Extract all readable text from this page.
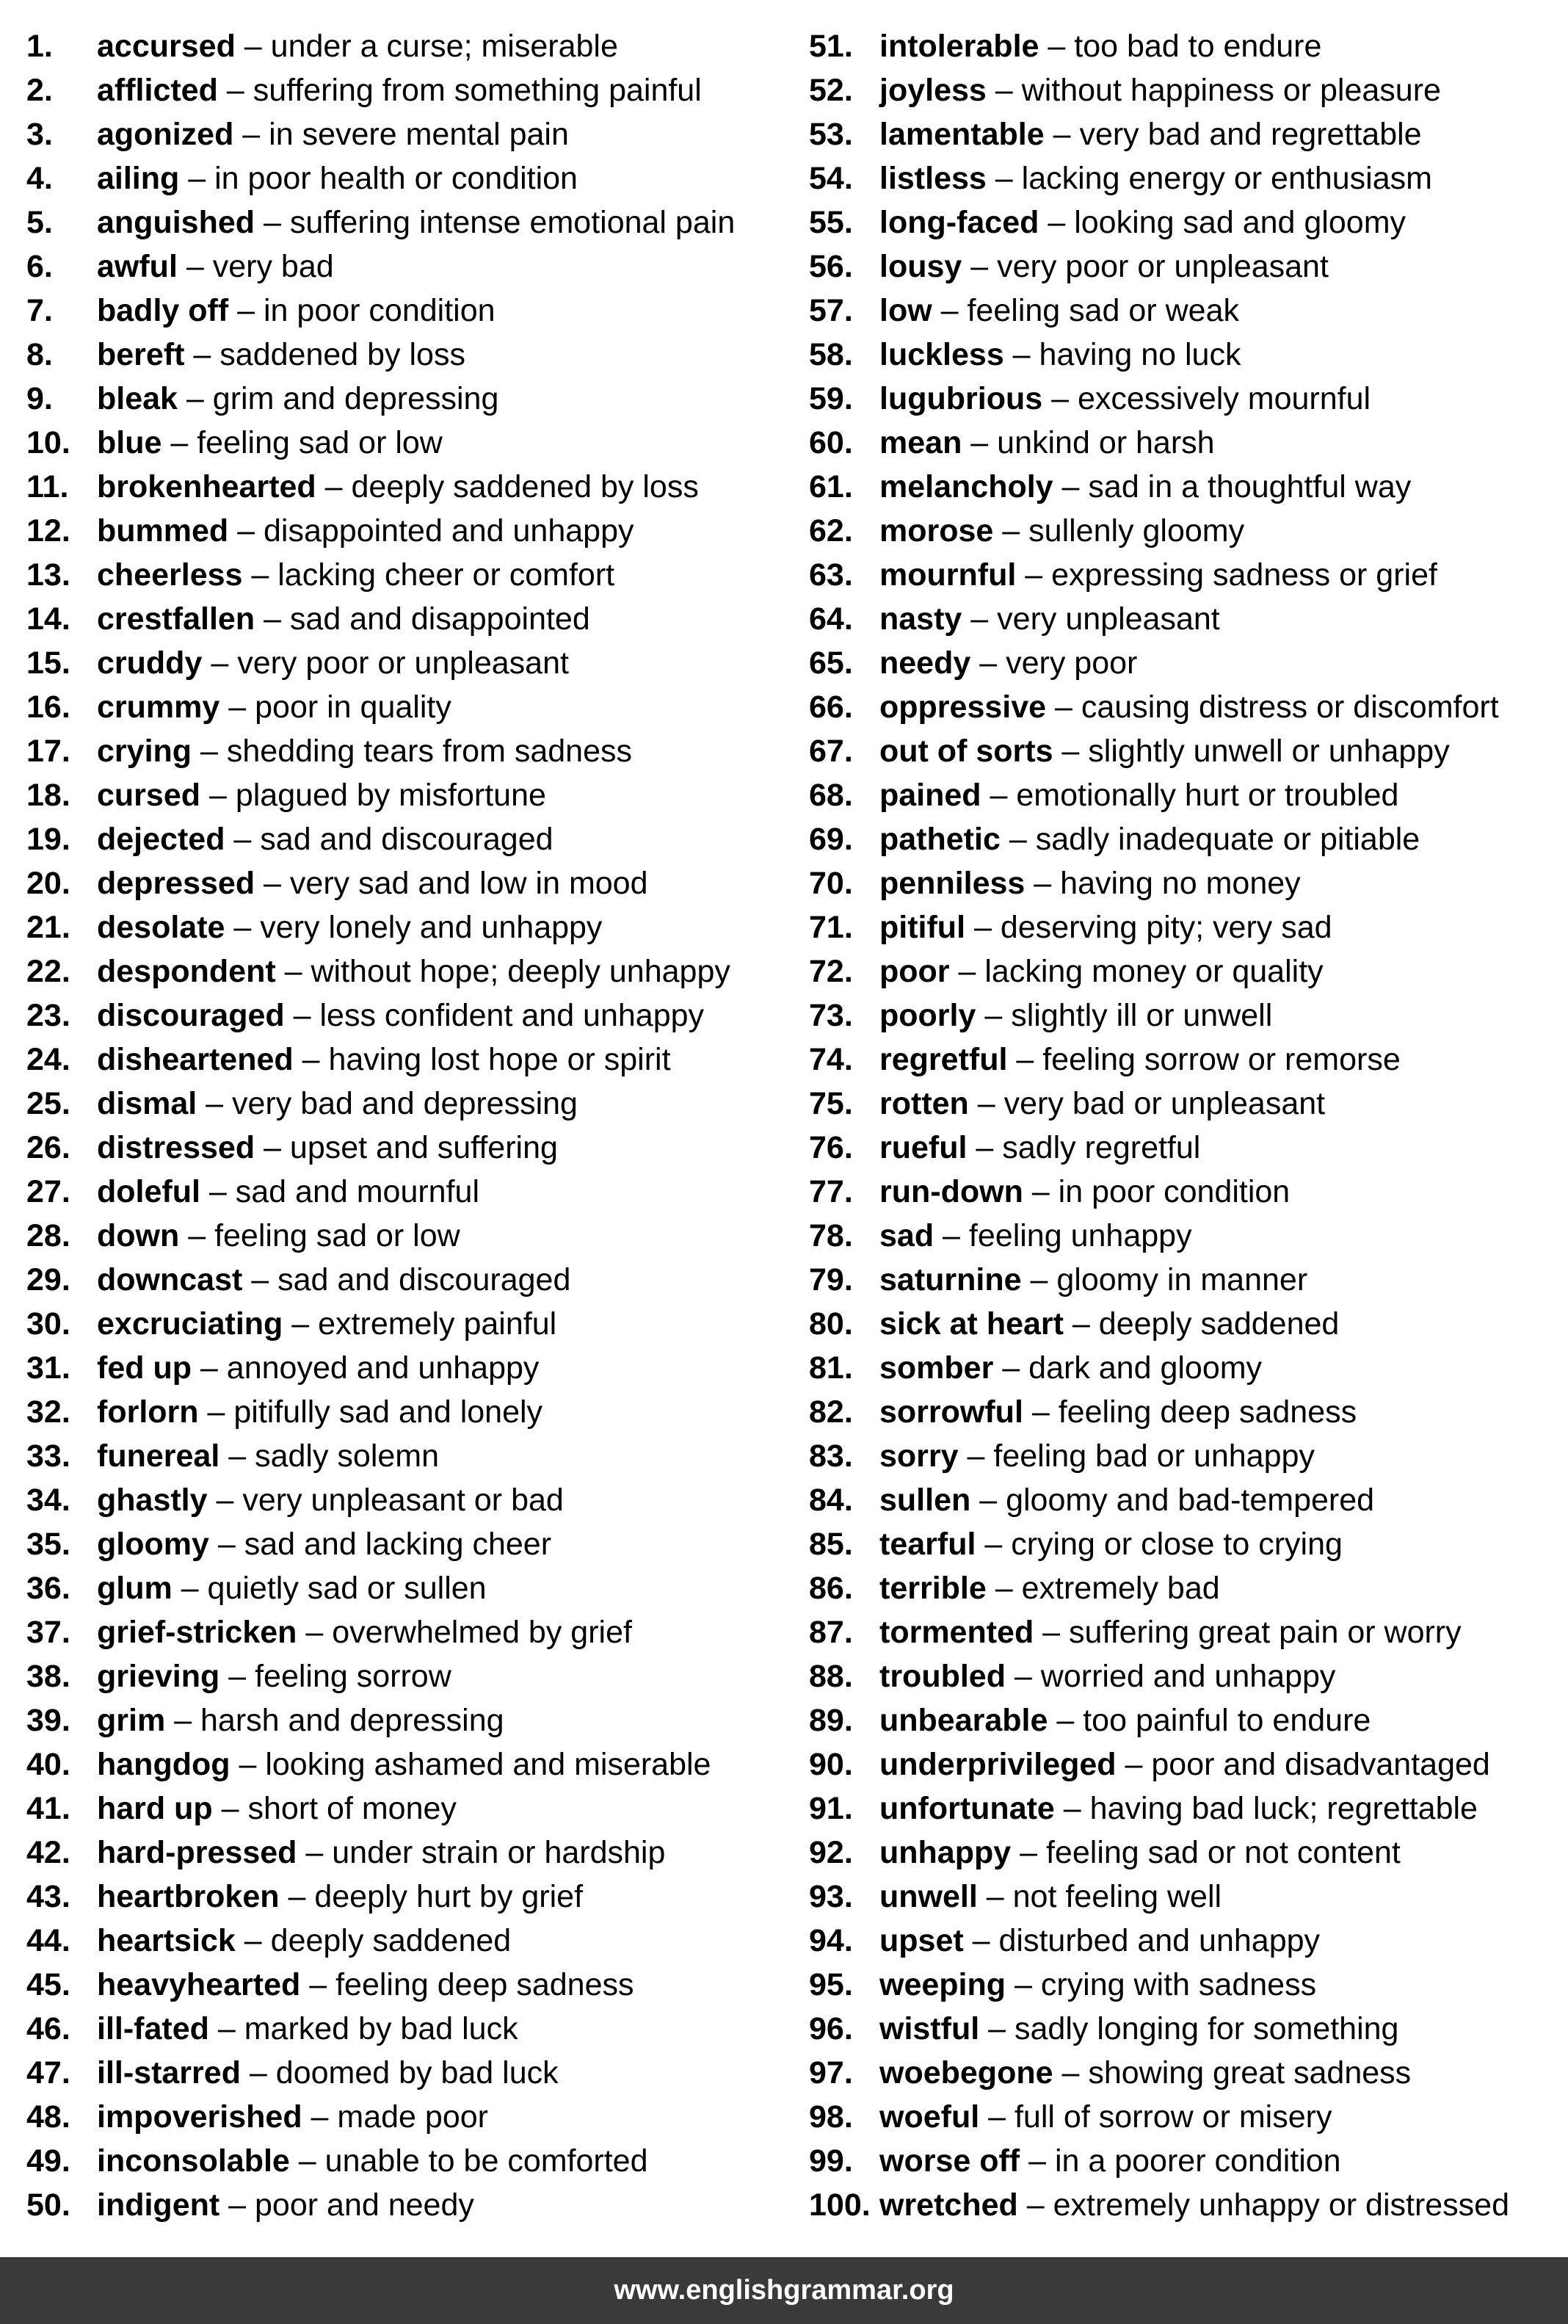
1. accursed – under a curse; miserable
2. afflicted – suffering from something painful
3. agonized – in severe mental pain
4. ailing – in poor health or condition
5. anguished – suffering intense emotional pain
6. awful – very bad
7. badly off – in poor condition
8. bereft – saddened by loss
9. bleak – grim and depressing
10. blue – feeling sad or low
11. brokenhearted – deeply saddened by loss
12. bummed – disappointed and unhappy
13. cheerless – lacking cheer or comfort
14. crestfallen – sad and disappointed
15. cruddy – very poor or unpleasant
16. crummy – poor in quality
17. crying – shedding tears from sadness
18. cursed – plagued by misfortune
19. dejected – sad and discouraged
20. depressed – very sad and low in mood
21. desolate – very lonely and unhappy
22. despondent – without hope; deeply unhappy
23. discouraged – less confident and unhappy
24. disheartened – having lost hope or spirit
25. dismal – very bad and depressing
26. distressed – upset and suffering
27. doleful – sad and mournful
28. down – feeling sad or low
29. downcast – sad and discouraged
30. excruciating – extremely painful
31. fed up – annoyed and unhappy
32. forlorn – pitifully sad and lonely
33. funereal – sadly solemn
34. ghastly – very unpleasant or bad
35. gloomy – sad and lacking cheer
36. glum – quietly sad or sullen
37. grief-stricken – overwhelmed by grief
38. grieving – feeling sorrow
39. grim – harsh and depressing
40. hangdog – looking ashamed and miserable
41. hard up – short of money
42. hard-pressed – under strain or hardship
43. heartbroken – deeply hurt by grief
44. heartsick – deeply saddened
45. heavyhearted – feeling deep sadness
46. ill-fated – marked by bad luck
47. ill-starred – doomed by bad luck
48. impoverished – made poor
49. inconsolable – unable to be comforted
50. indigent – poor and needy
51. intolerable – too bad to endure
52. joyless – without happiness or pleasure
53. lamentable – very bad and regrettable
54. listless – lacking energy or enthusiasm
55. long-faced – looking sad and gloomy
56. lousy – very poor or unpleasant
57. low – feeling sad or weak
58. luckless – having no luck
59. lugubrious – excessively mournful
60. mean – unkind or harsh
61. melancholy – sad in a thoughtful way
62. morose – sullenly gloomy
63. mournful – expressing sadness or grief
64. nasty – very unpleasant
65. needy – very poor
66. oppressive – causing distress or discomfort
67. out of sorts – slightly unwell or unhappy
68. pained – emotionally hurt or troubled
69. pathetic – sadly inadequate or pitiable
70. penniless – having no money
71. pitiful – deserving pity; very sad
72. poor – lacking money or quality
73. poorly – slightly ill or unwell
74. regretful – feeling sorrow or remorse
75. rotten – very bad or unpleasant
76. rueful – sadly regretful
77. run-down – in poor condition
78. sad – feeling unhappy
79. saturnine – gloomy in manner
80. sick at heart – deeply saddened
81. somber – dark and gloomy
82. sorrowful – feeling deep sadness
83. sorry – feeling bad or unhappy
84. sullen – gloomy and bad-tempered
85. tearful – crying or close to crying
86. terrible – extremely bad
87. tormented – suffering great pain or worry
88. troubled – worried and unhappy
89. unbearable – too painful to endure
90. underprivileged – poor and disadvantaged
91. unfortunate – having bad luck; regrettable
92. unhappy – feeling sad or not content
93. unwell – not feeling well
94. upset – disturbed and unhappy
95. weeping – crying with sadness
96. wistful – sadly longing for something
97. woebegone – showing great sadness
98. woeful – full of sorrow or misery
99. worse off – in a poorer condition
100. wretched – extremely unhappy or distressed
www.englishgrammar.org
